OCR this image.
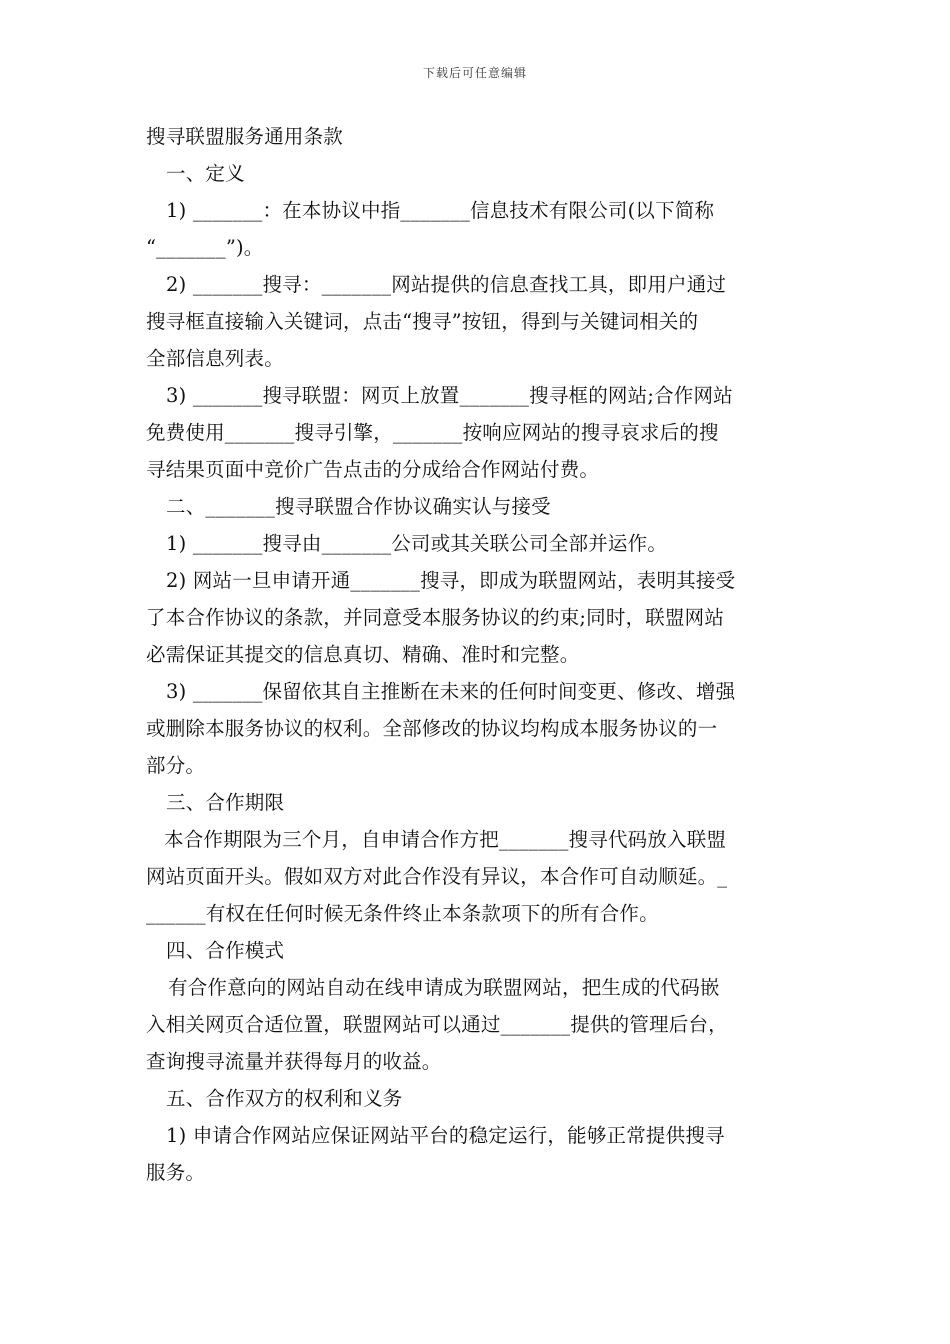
下载后可任意编辑
搜寻联盟服务通用条款
一、定义
1) _______：在本协议中指_______信息技术有限公司(以下简称
“_______”)。
2) _______搜寻：_______网站提供的信息查找工具，即用户通过
搜寻框直接输入关键词，点击“搜寻”按钮，得到与关键词相关的
全部信息列表。
3) _______搜寻联盟：网页上放置_______搜寻框的网站;合作网站
免费使用_______搜寻引擎，_______按响应网站的搜寻哀求后的搜
寻结果页面中竞价广告点击的分成给合作网站付费。
二、_______搜寻联盟合作协议确实认与接受
1) _______搜寻由_______公司或其关联公司全部并运作。
2) 网站一旦申请开通_______搜寻，即成为联盟网站，表明其接受
了本合作协议的条款，并同意受本服务协议的约束;同时，联盟网站
必需保证其提交的信息真切、精确、准时和完整。
3) _______保留依其自主推断在未来的任何时间变更、修改、增强
或删除本服务协议的权利。全部修改的协议均构成本服务协议的一
部分。
三、合作期限
本合作期限为三个月，自申请合作方把_______搜寻代码放入联盟
网站页面开头。假如双方对此合作没有异议，本合作可自动顺延。_
______有权在任何时候无条件终止本条款项下的所有合作。
四、合作模式
有合作意向的网站自动在线申请成为联盟网站，把生成的代码嵌
入相关网页合适位置，联盟网站可以通过_______提供的管理后台，
查询搜寻流量并获得每月的收益。
五、合作双方的权利和义务
1) 申请合作网站应保证网站平台的稳定运行，能够正常提供搜寻
服务。
